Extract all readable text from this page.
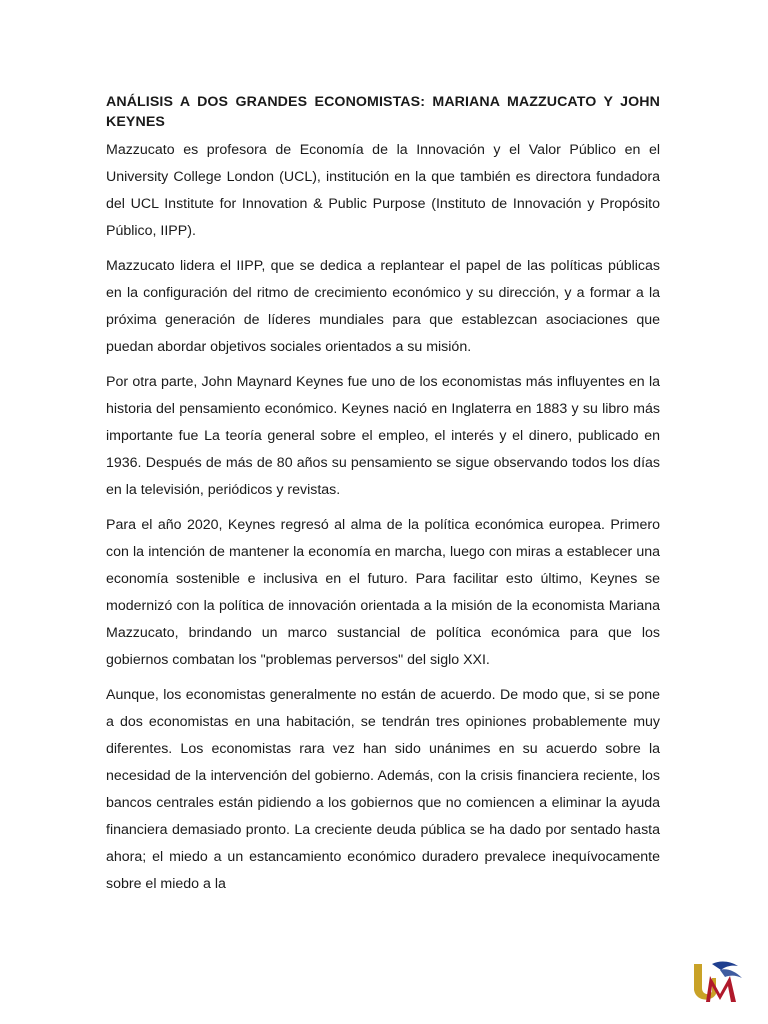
ANÁLISIS A DOS GRANDES ECONOMISTAS: MARIANA MAZZUCATO Y JOHN KEYNES

Mazzucato es profesora de Economía de la Innovación y el Valor Público en el University College London (UCL), institución en la que también es directora fundadora del UCL Institute for Innovation & Public Purpose (Instituto de Innovación y Propósito Público, IIPP).

Mazzucato lidera el IIPP, que se dedica a replantear el papel de las políticas públicas en la configuración del ritmo de crecimiento económico y su dirección, y a formar a la próxima generación de líderes mundiales para que establezcan asociaciones que puedan abordar objetivos sociales orientados a su misión.

Por otra parte, John Maynard Keynes fue uno de los economistas más influyentes en la historia del pensamiento económico. Keynes nació en Inglaterra en 1883 y su libro más importante fue La teoría general sobre el empleo, el interés y el dinero, publicado en 1936. Después de más de 80 años su pensamiento se sigue observando todos los días en la televisión, periódicos y revistas.

Para el año 2020, Keynes regresó al alma de la política económica europea. Primero con la intención de mantener la economía en marcha, luego con miras a establecer una economía sostenible e inclusiva en el futuro. Para facilitar esto último, Keynes se modernizó con la política de innovación orientada a la misión de la economista Mariana Mazzucato, brindando un marco sustancial de política económica para que los gobiernos combatan los "problemas perversos" del siglo XXI.

Aunque, los economistas generalmente no están de acuerdo. De modo que, si se pone a dos economistas en una habitación, se tendrán tres opiniones probablemente muy diferentes. Los economistas rara vez han sido unánimes en su acuerdo sobre la necesidad de la intervención del gobierno. Además, con la crisis financiera reciente, los bancos centrales están pidiendo a los gobiernos que no comiencen a eliminar la ayuda financiera demasiado pronto. La creciente deuda pública se ha dado por sentado hasta ahora; el miedo a un estancamiento económico duradero prevalece inequívocamente sobre el miedo a la
